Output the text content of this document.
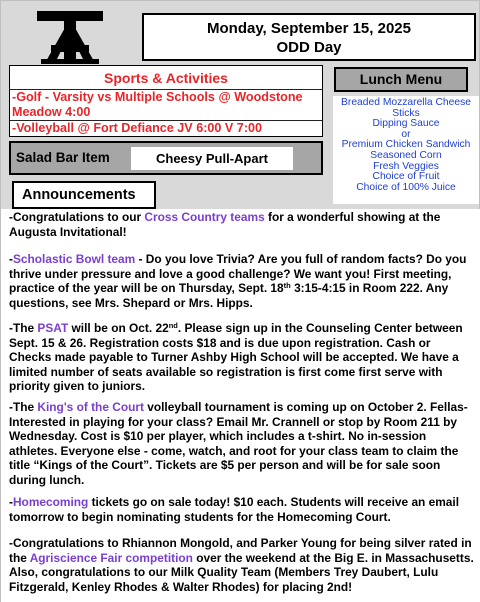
Monday, September 15, 2025
ODD Day
Sports & Activities
-Golf - Varsity vs Multiple Schools @ Woodstone
Meadow 4:00
-Volleyball @ Fort Defiance JV 6:00 V 7:00
Lunch Menu
Breaded Mozzarella Cheese
Sticks
Dipping Sauce
or
Premium Chicken Sandwich
Seasoned Corn
Fresh Veggies
Choice of Fruit
Choice of 100% Juice
Salad Bar Item	Cheesy Pull-Apart

-Congratulations to our Cross Country teams for a wonderful showing at the Augusta Invitational!

-Scholastic Bowl team - Do you love Trivia? Are you full of random facts? Do you thrive under pressure and love a good challenge? We want you! First meeting, practice of the year will be on Thursday, Sept. 18th 3:15-4:15 in Room 222. Any questions, see Mrs. Shepard or Mrs. Hipps.

-The PSAT will be on Oct. 22nd. Please sign up in the Counseling Center between Sept. 15 & 26. Registration costs $18 and is due upon registration. Cash or Checks made payable to Turner Ashby High School will be accepted. We have a limited number of seats available so registration is first come first serve with priority given to juniors.

-The King's of the Court volleyball tournament is coming up on October 2. Fellas-Interested in playing for your class? Email Mr. Crannell or stop by Room 211 by Wednesday. Cost is $10 per player, which includes a t-shirt. No in-session athletes. Everyone else - come, watch, and root for your class team to claim the title “Kings of the Court”. Tickets are $5 per person and will be for sale soon during lunch.

-Homecoming tickets go on sale today! $10 each. Students will receive an email tomorrow to begin nominating students for the Homecoming Court.

-Congratulations to Rhiannon Mongold, and Parker Young for being silver rated in the Agriscience Fair competition over the weekend at the Big E. in Massachusetts. Also, congratulations to our Milk Quality Team (Members Trey Daubert, Lulu Fitzgerald, Kenley Rhodes & Walter Rhodes) for placing 2nd!

Announcements
